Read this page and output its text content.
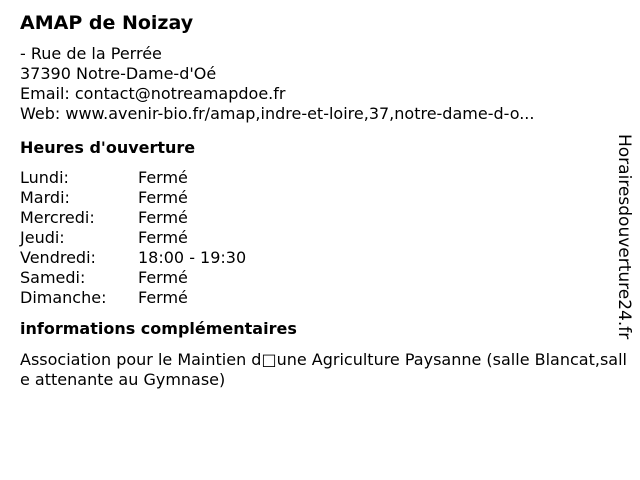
AMAP de Noizay
- Rue de la Perrée
37390 Notre-Dame-d'Oé
Email: contact@notreamapdoe.fr
Web: www.avenir-bio.fr/amap,indre-et-loire,37,notre-dame-d-o...
Heures d'ouverture
Lundi:	Fermé
Mardi:	Fermé
Mercredi:	Fermé
Jeudi:	Fermé
Vendredi:	18:00 - 19:30
Samedi:	Fermé
Dimanche:	Fermé
informations complémentaires
Association pour le Maintien d□une Agriculture Paysanne (salle Blancat,salle attenante au Gymnase)
Horairesdouverture24.fr
